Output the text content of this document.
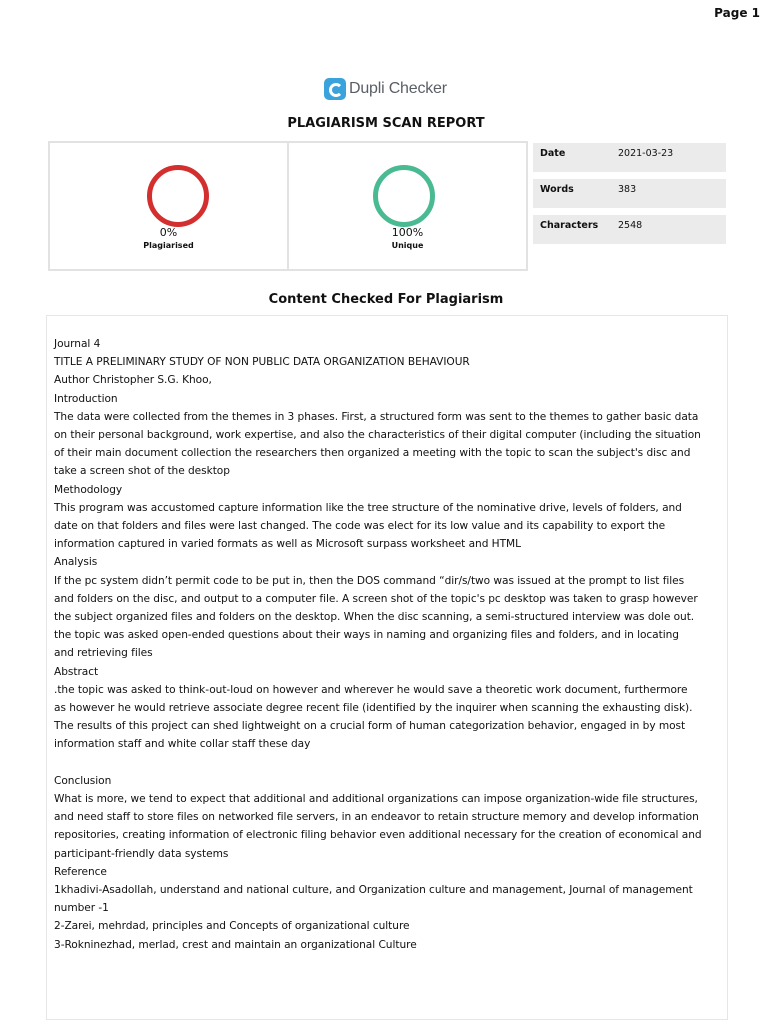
Page 1
Dupli Checker
PLAGIARISM SCAN REPORT
0%
Plagiarised
100%
Unique
Date	2021-03-23
Words	383
Characters 2548
Content Checked For Plagiarism
Journal 4
TITLE A PRELIMINARY STUDY OF NON PUBLIC DATA ORGANIZATION BEHAVIOUR
Author Christopher S.G. Khoo,
Introduction
The data were collected from the themes in 3 phases. First, a structured form was sent to the themes to gather basic data
on their personal background, work expertise, and also the characteristics of their digital computer (including the situation
of their main document collection the researchers then organized a meeting with the topic to scan the subject's disc and
take a screen shot of the desktop
Methodology
This program was accustomed capture information like the tree structure of the nominative drive, levels of folders, and
date on that folders and files were last changed. The code was elect for its low value and its capability to export the
information captured in varied formats as well as Microsoft surpass worksheet and HTML
Analysis
If the pc system didn’t permit code to be put in, then the DOS command “dir/s/two was issued at the prompt to list files
and folders on the disc, and output to a computer file. A screen shot of the topic's pc desktop was taken to grasp however
the subject organized files and folders on the desktop. When the disc scanning, a semi-structured interview was dole out.
the topic was asked open-ended questions about their ways in naming and organizing files and folders, and in locating
and retrieving files
Abstract
.the topic was asked to think-out-loud on however and wherever he would save a theoretic work document, furthermore
as however he would retrieve associate degree recent file (identified by the inquirer when scanning the exhausting disk).
The results of this project can shed lightweight on a crucial form of human categorization behavior, engaged in by most
information staff and white collar staff these day
Conclusion
What is more, we tend to expect that additional and additional organizations can impose organization-wide file structures,
and need staff to store files on networked file servers, in an endeavor to retain structure memory and develop information
repositories, creating information of electronic filing behavior even additional necessary for the creation of economical and
participant-friendly data systems
Reference
1khadivi-Asadollah, understand and national culture, and Organization culture and management, Journal of management
number -1
2-Zarei, mehrdad, principles and Concepts of organizational culture
3-Rokninezhad, merlad, crest and maintain an organizational Culture
